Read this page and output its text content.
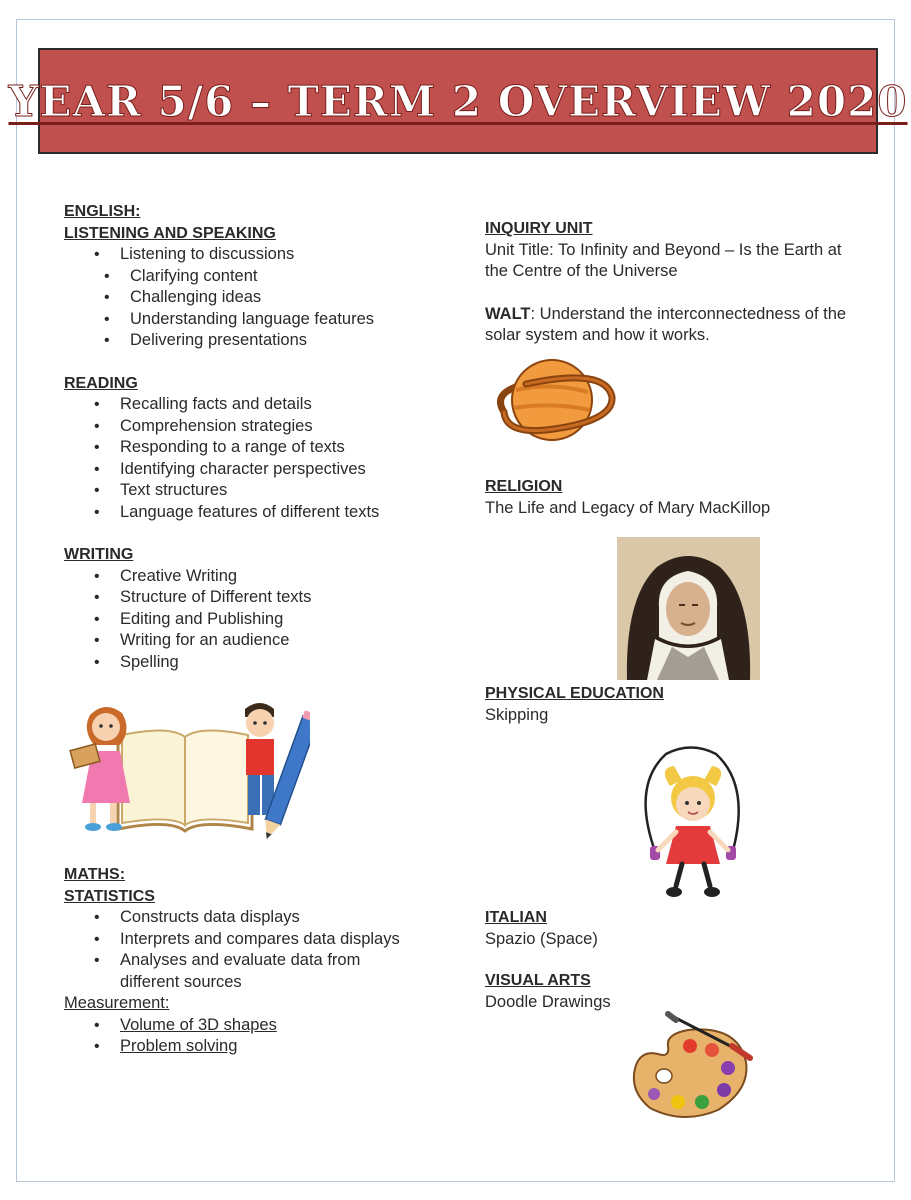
YEAR 5/6 – TERM 2 OVERVIEW 2020

ENGLISH:

LISTENING AND SPEAKING

• Listening to discussions
• Clarifying content
• Challenging ideas
• Understanding language features
• Delivering presentations

READING

• Recalling facts and details
• Comprehension strategies
• Responding to a range of texts
• Identifying character perspectives
• Text structures
• Language features of different texts

WRITING

• Creative Writing
• Structure of Different texts
• Editing and Publishing
• Writing for an audience
• Spelling

MATHS:

STATISTICS

• Constructs data displays
• Interprets and compares data displays
• Analyses and evaluate data from

different sources

Measurement:

• Volume of 3D shapes
• Problem solving

INQUIRY UNIT

Unit Title: To Infinity and Beyond – Is the Earth at

the Centre of the Universe

WALT: Understand the interconnectedness of the

solar system and how it works.

RELIGION

The Life and Legacy of Mary MacKillop

PHYSICAL EDUCATION

Skipping

ITALIAN

Spazio (Space)

VISUAL ARTS

Doodle Drawings
